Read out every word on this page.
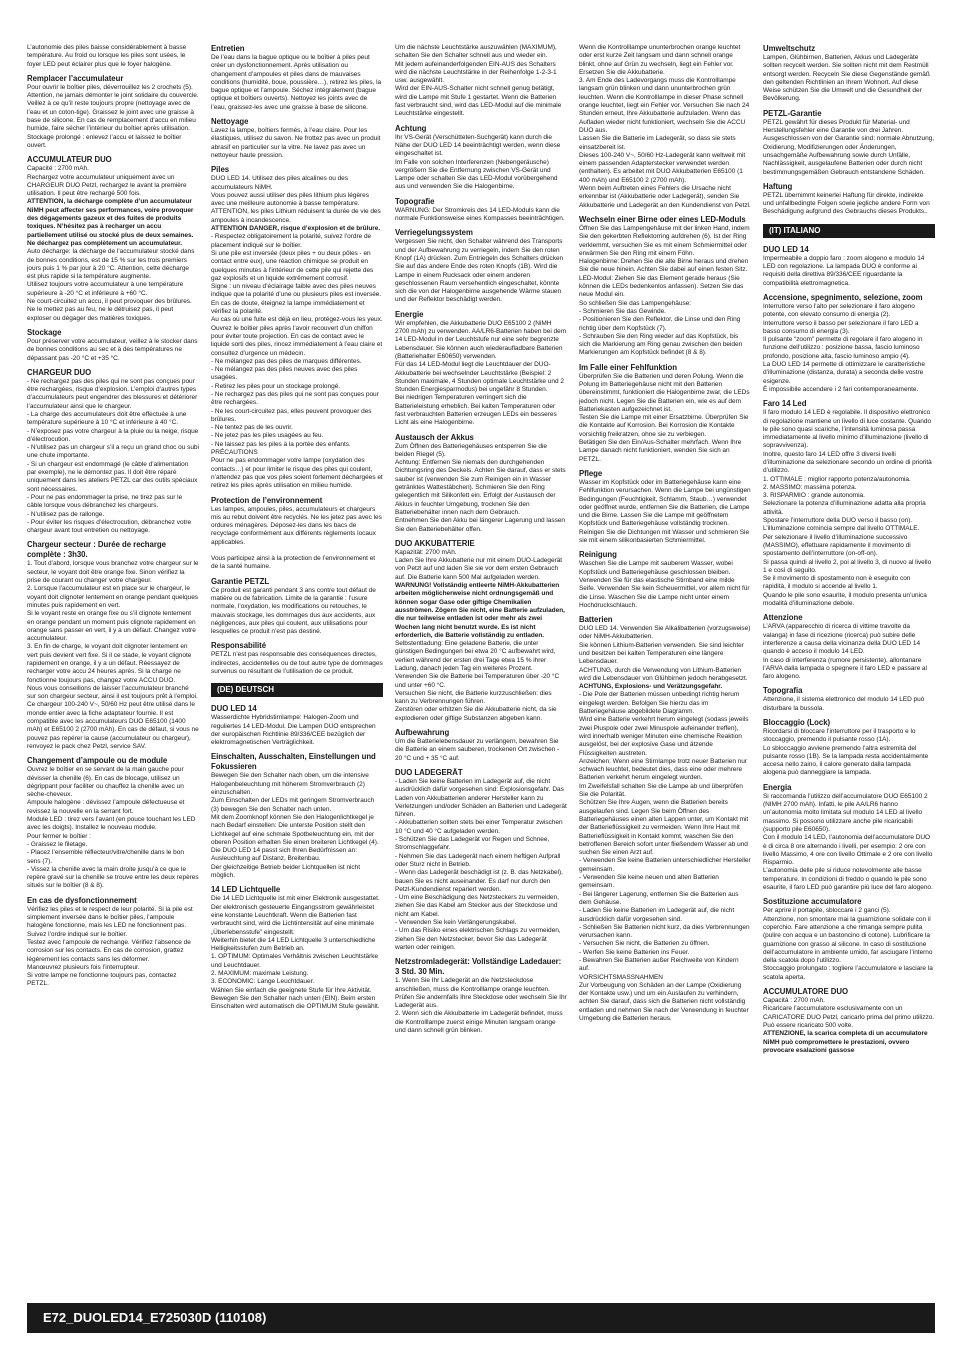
L’autonomie des piles baisse considérablement à basse température. Au froid ou lorsque les piles sont usées, le foyer LED peut éclairer plus que le foyer halogène.
Remplacer l’accumulateur
Pour ouvrir le boîtier piles, déverrouillez les 2 crochets (5).
Attention, ne jamais démonter le joint solidaire du couvercle. Veillez à ce qu’il reste toujours propre (nettoyage avec de l’eau et un coton-tige). Graissez le joint avec une graisse à base de silicone. En cas de remplacement d’accu en milieu humide, faire sécher l’intérieur du boîtier après utilisation. Stockage prolongé : enlevez l’accu et laissez le boîtier ouvert.
ACCUMULATEUR DUO
Capacité : 2700 mAh.
Rechargez votre accumulateur uniquement avec un CHARGEUR DUO Petzl, rechargez le avant la première utilisation. Il peut être rechargé 500 fois.
ATTENTION, la décharge complète d’un accumulateur NiMH peut affecter ses performances, voire provoquer des dégagements gazeux et des fuites de produits toxiques. N’hésitez pas à recharger un accu partiellement utilisé ou stocké plus de deux semaines. Ne déchargez pas complètement un accumulateur.
Auto décharge: la décharge de l’accumulateur stocké dans de bonnes conditions, est de 15 % sur les trois premiers jours puis 1 % par jour à 20 °C. Attention, cette décharge est plus rapide si la température augmente.
Utilisez toujours votre accumulateur à une température supérieure à -20 °C et inférieure à +60 °C.
Ne court-circuitez un accu, il peut provoquer des brûlures.
Ne le mettez pas au feu, ne le détruisez pas, il peut exploser ou dégager des matières toxiques.
Stockage
Pour préserver votre accumulateur, veillez à le stocker dans de bonnes conditions au sec et à des températures ne dépassant pas -20 °C et +35 °C.
CHARGEUR DUO
- Ne rechargez pas des piles qui ne sont pas conçues pour être rechargées, risque d’explosion. L’emploi d’autres types d’accumulateurs peut engendrer des blessures et détériorer l’accumulateur ainsi que le chargeur.
- La charge des accumulateurs doit être effectuée à une température supérieure à 10 °C et inférieure à 40 °C.
- N’exposez pas votre chargeur à la pluie ou la neige, risque d’électrocution.
- N’utilisez pas un chargeur s’il a reçu un grand choc ou subi une chute importante.
- Si un chargeur est endommagé (le câble d’alimentation par exemple), ne le démontez pas. Il doit être réparé uniquement dans les ateliers PETZL car des outils spéciaux sont nécessaires.
- Pour ne pas endommager la prise, ne tirez pas sur le câble lorsque vous débranchez les chargeurs.
- N’utilisez pas de rallonge.
- Pour éviter les risques d’électrocution, débranchez votre chargeur avant tout entretien ou nettoyage.
Chargeur secteur : Durée de recharge complète : 3h30.
1. Tout d’abord, lorsque vous branchez votre chargeur sur le secteur, le voyant doit être orange fixe. Sinon vérifiez la prise de courant ou changer votre chargeur.
2. Lorsque l’accumulateur est en place sur le chargeur, le voyant doit clignoter lentement en orange pendant quelques minutes puis rapidement en vert.
Si le voyant reste en orange fixe ou s’il clignote lentement en orange pendant un moment puis clignote rapidement en orange sans passer en vert, il y a un défaut. Changez votre accumulateur.
3. En fin de charge, le voyant doit clignoter lentement en vert puis devient vert fixe. Si il ce stade, le voyant clignote rapidement en orange, il y a un défaut. Réessayez de recharger votre accu 24 heures après. Si la charge ne fonctionne toujours pas, changez votre ACCU DUO.
Nous vous conseillons de laisser l’accumulateur branché sur son chargeur secteur, ainsi il est toujours prêt à l’emploi.
Ce chargeur 100-240 V~, 50/60 Hz peut être utilisé dans le monde entier avec la fiche adaptateur fournie. Il est compatible avec les accumulateurs DUO E65100 (1400 mAh) et E65100 2 (2700 mAh). En cas de défaut, si vous ne pouvez pas repérer la cause (accumulateur ou chargeur), renvoyez le pack chez Petzl, service SAV.
Changement d’ampoule ou de module
Ouvrez le boîtier en se servant de la main gauche pour dévisser la chenille (6). En cas de blocage, utilisez un dégrippant pour faciliter ou chauffez la chenille avec un sèche-cheveux.
Ampoule halogène : dévissez l’ampoule défectueuse et revissez la nouvelle en la serrant fort.
Module LED : tirez vers l’avant (en pouce touchant les LED avec les doigts). Installez le nouveau module.
Pour fermer le boîtier :
- Graissez le filetage.
- Placez l’ensemble réflecteur/vitre/chenille dans le bon sens (7).
- Vissez la chenille avec la main droite jusqu’à ce que le repère gravé sur la chenille se trouve entre les deux repères situés sur le boîtier (8 & 8).
En cas de dysfonctionnement
Vérifiez les piles et le respect de leur polarité. Si la pile est simplement inversée dans le boîtier piles, l’ampoule halogène fonctionne, mais les LED ne fonctionnent pas. Suivez l’ordre indiqué sur le boîtier.
Testez avec l’ampoule de rechange. Vérifiez l’absence de corrosion sur les contacts. En cas de corrosion, grattez légèrement les contacts sans les déformer.
Manœuvrez plusieurs fois l’interrupteur.
Si votre lampe ne fonctionne toujours pas, contactez PETZL.
Entretien
De l’eau dans la bague optique ou le boîtier à piles peut créer un dysfonctionnement. Après utilisation ou changement d’ampoules et piles dans de mauvaises conditions (humidité, boue, poussière…), retirez les piles, la bague optique et l’ampoule. Séchez intégralement (bague optique et boîtiers ouverts). Nettoyez les joints avec de l’eau, graissez-les avec une graisse à base de silicone.
Nettoyage
Lavez la lampe, boîtiers fermés, à l’eau claire. Pour les élastiques, utilisez du savon. Ne frottez pas avec un produit abrasif en particulier sur la vitre. Ne lavez pas avec un nettoyeur haute pression.
Piles
DUO LED 14. Utilisez des piles alcalines ou des accumulateurs NiMH.
Vous pouvez aussi utiliser des piles lithium plus légères avec une meilleure autonomie à basse température.
ATTENTION, les piles Lithium réduisent la durée de vie des ampoules à incandescence.
ATTENTION DANGER, risque d’explosion et de brûlure.
- Respectez obligatoirement la polarité, suivez l’ordre de placement indiqué sur le boîtier.
Si une pile est inversée (deux piles + ou deux pôles - en contact entre eux), une réaction chimique se produit en quelques minutes à l’intérieur de cette pile qui rejette des gaz explosifs et un liquide extrêmement corrosif.
Signe : un niveau d’éclairage faible avec des piles neuves indique que la polarité d’une ou plusieurs piles est inversée.
En cas de doute, éteignez la lampe immédiatement et vérifiez la polarité.
Au cas où une fuite est déjà en lieu, protégez-vous les yeux. Ouvrez le boîtier piles après l’avoir recouvert d’un chiffon pour éviter toute projection. En cas de contact avec le liquide sorti des piles, rincez immédiatement à l’eau claire et consultez d’urgence un médecin.
- Ne mélangez pas des piles de marques différentes.
- Ne mélangez pas des piles neuves avec des piles usagées.
- Retirez les piles pour un stockage prolongé.
- Ne rechargez pas des piles qui ne sont pas conçues pour être rechargées.
- Ne les court-circuitez pas, elles peuvent provoquer des brûlures.
- Ne tentez pas de les ouvrir.
- Ne jetez pas les piles usagées au feu.
- Ne laissez pas les piles à la portée des enfants.
PRÉCAUTIONS
Pour ne pas endommager votre lampe (oxydation des contacts…) et pour limiter le risque des piles qui coulent, n’attendez pas que vos piles soient fortement déchargées et retirez les piles après utilisation en milieu humide.
Protection de l’environnement
Les lampes, ampoules, piles, accumulateurs et chargeurs mis au rebut doivent être recyclés. Ne les jetez pas avec les ordures ménagères. Déposez-les dans les bacs de recyclage conformément aux différents règlements locaux applicables.
Vous participez ainsi à la protection de l’environnement et de la santé humaine.
Garantie PETZL
Ce produit est garanti pendant 3 ans contre tout défaut de matière ou de fabrication. Limite de la garantie : l’usure normale, l’oxydation, les modifications ou retouches, le mauvais stockage, les dommages dus aux accidents, aux négligences, aux piles qui coulent, aux utilisations pour lesquelles ce produit n’est pas destiné.
Responsabilité
PETZL n’est pas responsable des conséquences directes, indirectes, accidentelles ou de tout autre type de dommages survenus ou résultant de l’utilisation de ce produit.
(DE) DEUTSCH
DUO LED 14
Wasserdichte Hybridstirnlampe: Halogen-Zoom und reguliertes 14 LED-Modul. Die Lampen DUO entsprechen der europäischen Richtlinie 89/336/CEE bezüglich der elektromagnetischen Verträglichkeit.
Einschalten, Ausschalten, Einstellungen und Fokussieren
Bewegen Sie den Schalter nach oben, um die intensive Halogenbeleuchtung mit höherem Stromverbrauch (2) einzuschalten.
Zum Einschalten der LEDs mit geringem Stromverbrauch (3) bewegen Sie den Schalter nach unten.
Mit dem Zoomknopf können Sie den Halogenlichtkegel je nach Bedarf einstellen: Die unterste Position stellt den Lichtkegel auf eine schmale Spotbeleuchtung ein, mit der oberen Position erhalten Sie einen breiteren Lichtkegel (4). Die DUO LED 14 passt sich Ihren Bedürfnissen an: Ausleuchtung auf Distanz, Breitenbau.
Der gleichzeitige Betrieb beider Lichtquellen ist nicht möglich.
14 LED Lichtquelle
Die 14 LED Lichtquelle ist mit einer Elektronik ausgestattet. Der elektronisch gesteuerte Eingangsstrom gewährleistet eine konstante Leuchtkraft. Wenn die Batterien fast verbraucht sind, wird die Lichtintensität auf eine minimale „Überlebensstufe” eingestellt.
Weiterhin bietet die 14 LED Lichtquelle 3 unterschiedliche Helligkeitsstufen zum Betrieb an.
1. OPTIMUM: Optimales Verhältnis zwischen Leuchtstärke und Leuchtdauer.
2. MAXIMUM: maximale Leistung.
3. ECONOMIC: Lange Leuchtdauer.
Wählen Sie einfach die geeignete Stufe für Ihre Aktivität.
Bewegen Sie den Schalter nach unten (EIN). Beim ersten Einschalten wird automatisch die OPTIMUM Stufe gewählt.
Um die nächste Leuchtstärke auszuwählen (MAXIMUM), schalten Sie den Schalter schnell aus und wieder ein.
Mit jedem aufeinanderfolgenden EIN-AUS des Schalters wird die nächste Leuchtstärke in der Reihenfolge 1-2-3-1 usw. ausgewählt.
Wird der EIN-AUS-Schalter nicht schnell genug betätigt, wird die Lampe mit Stufe 1 gestartet. Wenn die Batterien fast verbraucht sind, wird das LED-Modul auf die minimale Leuchtstärke eingestellt.
Achtung
Ihr VS-Gerät (Verschütteten-Suchgerät) kann durch die Nähe der DUO LED 14 beeinträchtigt werden, wenn diese eingeschaltet ist.
Im Falle von solchen Interferenzen (Nebengeräusche) vergrößern Sie die Entfernung zwischen VS-Gerät und Lampe oder schalten Sie das LED-Modul vorübergehend aus und verwenden Sie die Halogenbirne.
Topografie
WARNUNG: Der Stromkreis des 14 LED-Moduls kann die normale Funktionsweise eines Kompasses beeinträchtigen.
Verriegelungssystem
Vergessen Sie nicht, den Schalter während des Transports und der Aufbewahrung zu verriegeln, indem Sie den roten Knopf (1A) drücken. Zum Entriegeln des Schalters drücken Sie auf das andere Ende des roten Knopfs (1B). Wird die Lampe in einem Rucksack oder einem anderen geschlossenen Raum versehentlich eingeschaltet, könnte sich die von der Halogenbirne ausgehende Wärme stauen und der Reflektor beschädigt werden.
Energie
Wir empfehlen, die Akkubatterie DUO E65100 2 (NiMH 2700 mAh) zu verwenden. AA/LR6-Batterien haben bei dem 14 LED-Modul in der Leuchtstufe nur eine sehr begrenzte Lebensdauer. Sie können auch wiederaufladbare Batterien (Batteriehalter E60650) verwenden.
Für das 14 LED-Modul liegt die Leuchtdauer der DUO-Akkubatterie bei wechselnder Leuchtstärke (Beispiel: 2 Stunden maximale, 4 Stunden optimale Leuchtstärke und 2 Stunden Energiesparmodus) bei ungefähr 8 Stunden.
Bei niedrigen Temperaturen verringert sich die Batterieleistung erheblich. Bei kalten Temperaturen oder fast verbrauchten Batterien erzeugen LEDs ein besseres Licht als eine Halogenbirne.
Austausch der Akkus
Zum Öffnen des Batteriegehäuses entsperren Sie die beiden Riegel (5).
Achtung: Entfernen Sie niemals den durchgehenden Dichtungsring des Deckels. Achten Sie darauf, dass er stets sauber ist (verwenden Sie zum Reinigen ein in Wasser getränktes Wattestäbchen). Schmieren Sie den Ring gelegentlich mit Silikonfett ein. Erfolgt der Austausch der Akkus in feuchter Umgebung, trocknen Sie den Batteriebehälter innen nach dem Gebrauch.
Entnehmen Sie den Akku bei längerer Lagerung und lassen Sie den Batteriebehälter offen.
DUO AKKUBATTERIE
Kapazität: 2700 mAh.
Laden Sie Ihre Akkubatterie nur mit einem DUO-Ladegerät von Petzl auf und laden Sie sie vor dem ersten Gebrauch auf. Die Batterie kann 500 Mal aufgeladen werden.
WARNUNG! Vollständig entleerte NiMH-Akkubatterien arbeiten möglicherweise nicht ordnungsgemäß und können sogar Gase oder giftige Chemikalien ausströmen. Zögern Sie nicht, eine Batterie aufzuladen, die nur teilweise entladen ist oder mehr als zwei Wochen lang nicht benutzt wurde. Es ist nicht erforderlich, die Batterie vollständig zu entladen.
Selbstentladung: Eine geladene Batterie, die unter günstigen Bedingungen bei etwa 20 °C aufbewahrt wird, verliert während der ersten drei Tage etwa 15 % ihrer Ladung, danach jeden Tag ein weiteres Prozent.
Verwenden Sie die Batterie bei Temperaturen über -20 °C und unter +60 °C.
Versuchen Sie nicht, die Batterie kurzzuschließen: dies kann zu Verbrennungen führen.
Zerstören oder erhitzen Sie die Akkubatterie nicht, da sie explodieren oder giftige Substanzen abgeben kann.
Aufbewahrung
Um die Batterielebensdauer zu verlängern, bewahren Sie die Batterie an einem sauberen, trockenen Ort zwischen - 20 °C und + 35 °C auf.
DUO LADEGERÄT
- Laden Sie keine Batterien im Ladegerät auf, die nicht ausdrücklich dafür vorgesehen sind: Explosionsgefahr. Das Laden von Akkubatterien anderer Hersteller kann zu Verletzungen und/oder Schäden an Batterien und Ladegerät führen.
- Akkubatterien sollten stets bei einer Temperatur zwischen 10 °C und 40 °C aufgeladen werden.
- Schützen Sie das Ladegerät vor Regen und Schnee, Stromschlaggefahr.
- Nehmen Sie das Ladegerät nach einem heftigen Aufprall oder Sturz nicht in Betrieb.
- Wenn das Ladegerät beschädigt ist (z. B. das Netzkabel), bauen Sie es nicht auseinander. Es darf nur durch den Petzl-Kundendienst repariert werden.
- Um eine Beschädigung des Netzsteckers zu vermeiden, ziehen Sie das Kabel am Stecker aus der Steckdose und nicht am Kabel.
- Verwenden Sie kein Verlängerungskabel.
- Um das Risiko eines elektrischen Schlags zu vermeiden, ziehen Sie den Netzstecker, bevor Sie das Ladegerät warten oder reinigen.
Netzstromladegerät: Vollständige Ladedauer: 3 Std. 30 Min.
1. Wenn Sie Ihr Ladegerät an die Netzsteckdose anschließen, muss die Kontrolllampe orange leuchten. Prüfen Sie andernfalls Ihre Steckdose oder wechseln Sie Ihr Ladegerät aus.
2. Wenn sich die Akkubatterie im Ladegerät befindet, muss die Kontrolllampe zuerst einige Minuten langsam orange und dann schnell grün blinken.
Wenn die Kontrolllampe ununterbrochen orange leuchtet oder erst kurze Zeit langsam und dann schnell orange blinkt, ohne auf Grün zu wechseln, liegt ein Fehler vor. Ersetzen Sie die Akkubatterie.
3. Am Ende des Ladevorgangs muss die Kontrolllampe langsam grün blinken und dann ununterbrochen grün leuchten. Wenn die Kontrolllampe in dieser Phase schnell orange leuchtet, liegt ein Fehler vor. Versuchen Sie nach 24 Stunden erneut, Ihre Akkubatterie aufzuladen. Wenn das Aufladen wieder nicht funktioniert, wechseln Sie die ACCU DUO aus.
Lassen Sie die Batterie im Ladegerät, so dass sie stets einsatzbereit ist.
Dieses 100-240 V~, 50/60 Hz-Ladegerät kann weltweit mit einem passenden Adapterstecker verwendet werden (enthalten). Es arbeitet mit DUO Akkubatterien E65100 (1 400 mAh) und E65100 2 (2700 mAh).
Wenn beim Auftreten eines Fehlers die Ursache nicht erkennbar ist (Akkubatterie oder Ladegerät), senden Sie Akkubatterie und Ladegerät an den Kundendienst von Petzl.
Wechseln einer Birne oder eines LED-Moduls
Öffnen Sie das Lampengehäuse mit der linken Hand, indem Sie den gekerbten Reflektorring aufdrehen (6). Ist der Ring verklemmt, versuchen Sie es mit einem Schmiermittel oder erwärmen Sie den Ring mit einem Föhn.
Halogenbirne: Drehen Sie die alte Birne heraus und drehen Sie die neue hinein. Achten Sie dabei auf einen festen Sitz.
LED-Modul: Ziehen Sie das Element gerade heraus (Sie können die LEDs bedenkenlos anfassen). Setzen Sie das neue Modul ein.
So schließen Sie das Lampengehäuse:
- Schmieren Sie das Gewinde.
- Positionieren Sie den Reflektor, die Linse und den Ring richtig über dem Kopfstück (7).
- Schrauben Sie den Ring wieder auf das Kopfstück, bis sich die Markierung am Ring genau zwischen den beiden Markierungen am Kopfstück befindet (8 & 8).
Im Falle einer Fehlfunktion
Überprüfen Sie die Batterien und deren Polung. Wenn die Polung im Batteriegehäuse nicht mit den Batterien übereinstimmt, funktioniert die Halogenbirne zwar, die LEDs jedoch nicht. Legen Sie die Batterien ein, wie es auf dem Batteriekasten aufgezeichnet ist.
Testen Sie die Lampe mit einer Ersatzbirne. Überprüfen Sie die Kontakte auf Korrosion. Bei Korrosion die Kontakte vorsichtig freikratzen, ohne sie zu verbiegen.
Betätigen Sie den Ein/Aus-Schalter mehrfach. Wenn Ihre Lampe danach nicht funktioniert, wenden Sie sich an PETZL.
Pflege
Wasser im Kopfstück oder im Batteriegehäuse kann eine Fehlfunktion verursachen. Wenn die Lampe bei ungünstigen Bedingungen (Feuchtigkeit, Schlamm, Staub…) verwendet oder geöffnet wurde, entfernen Sie die Batterien, die Lampe und die Birne. Lassen Sie die Lampe mit geöffnetem Kopfstück und Batteriegehäuse vollständig trocknen. Reinigen Sie die Dichtungen mit Wasser und schmieren Sie sie mit einem silikonbasierten Schmiermittel.
Reinigung
Waschen Sie die Lampe mit sauberem Wasser, wobei Kopfstück und Batteriegehäuse geschlossen bleiben. Verwenden Sie für das elastische Stirnband eine milde Seife. Verwenden Sie kein Scheuermittel, vor allem nicht für die Linse. Waschen Sie die Lampe nicht unter einem Hochdruckschlauch.
Batterien
DUO LED 14. Verwenden Sie Alkalibatterien (vorzugsweise) oder NiMH-Akkubatterien.
Sie können Lithium-Batterien verwenden. Sie sind leichter und besitzen bei kalten Temperaturen eine längere Lebensdauer.
ACHTUNG, durch die Verwendung von Lithium-Batterien wird die Lebensdauer von Glühbirnen jedoch herabgesetzt.
ACHTUNG, Explosions- und Verätzungsgefahr.
- Die Pole der Batterien müssen unbedingt richtig herum eingelegt werden. Befolgen Sie hierzu das im Batteriegehäuse abgebildete Diagramm.
Wird eine Batterie verkehrt herum eingelegt (sodass jeweils zwei Pluspole oder zwei Minuspole aufeinander treffen), wird innerhalb weniger Minuten eine chemische Reaktion ausgelöst, bei der explosive Gase und ätzende Flüssigkeiten austreten.
Anzeichen: Wenn eine Stirnlampe trotz neuer Batterien nur schwach leuchtet, bedeutet dies, dass eine oder mehrere Batterien verkehrt herum eingelegt wurden.
Im Zweifelsfall schalten Sie die Lampe ab und überprüfen Sie die Polarität.
Schützen Sie Ihre Augen, wenn die Batterien bereits ausgelaufen sind. Legen Sie beim Öffnen des Batteriegehäuses einen alten Lappen unter, um Kontakt mit der Batterieflüssigkeit zu vermeiden. Wenn Ihre Haut mit Batterieflüssigkeit in Kontakt kommt, waschen Sie den betroffenen Bereich sofort unter fließendem Wasser ab und suchen Sie einen Arzt auf.
- Verwenden Sie keine Batterien unterschiedlicher Hersteller gemeinsam.
- Verwenden Sie keine neuen und alten Batterien gemeinsam.
- Bei längerer Lagerung, entfernen Sie die Batterien aus dem Gehäuse.
- Laden Sie keine Batterien im Ladegerät auf, die nicht ausdrücklich dafür vorgesehen sind.
- Schließen Sie Batterien nicht kurz, da dies Verbrennungen verursachen kann.
- Versuchen Sie nicht, die Batterien zu öffnen.
- Werfen Sie keine Batterien ins Feuer.
- Bewahren Sie Batterien außer Reichweite von Kindern auf.
VORSICHTSMASSNAHMEN
Zur Vorbeugung von Schäden an der Lampe (Oxidierung der Kontakte usw.) und um ein Auslaufen zu verhindern, achten Sie darauf, dass sich die Batterien nicht vollständig entladen und nehmen Sie nach der Verwendung in feuchter Umgebung die Batterien heraus.
Umweltschutz
Lampen, Glühbirnen, Batterien, Akkus und Ladegeräte sollten recycelt werden. Sie sollten nicht mit dem Restmüll entsorgt werden. Recyceln Sie diese Gegenstände gemäß den geltenden Richtlinien an Ihrem Wohnort. Auf diese Weise schützen Sie die Umwelt und die Gesundheit der Bevölkerung.
PETZL-Garantie
PETZL gewährt für dieses Produkt für Material- und Herstellungsfehler eine Garantie von drei Jahren. Ausgeschlossen von der Garantie sind: normale Abnutzung, Oxidierung, Modifizierungen oder Änderungen, unsachgemäße Aufbewahrung sowie durch Unfälle, Nachlässigkeit, ausgelaufene Batterien oder durch nicht bestimmungsgemäßen Gebrauch entstandene Schäden.
Haftung
PETZL übernimmt keinerlei Haftung für direkte, indirekte und unfallbedingte Folgen sowie jegliche andere Form von Beschädigung aufgrund des Gebrauchs dieses Produkts..
(IT) ITALIANO
DUO LED 14
Impermeabile a doppio faro : zoom alogeno e modulo 14 LED con regolazione. La lampada DUO è conforme ai requisiti della direttiva 89/336/CEE riguardante la compatibilità elettromagnetica.
Accensione, spegnimento, selezione, zoom
Interruttore verso l’alto per selezionare il faro alogeno potente, con elevato consumo di energia (2).
Interruttore verso il basso per selezionare il faro LED a basso consumo di energia (3).
Il pulsante “zoom” permette di regolare il faro alogeno in funzione dell’utilizzo : posizione bassa, fascio luminoso profondo, posizione alta, fascio luminoso ampio (4).
La DUO LED 14 permette di ottimizzare le caratteristiche d’illuminazione (distanza, durata) a seconda delle vostre esigenze.
È impossibile accendere i 2 fari contemporaneamente.
Faro 14 Led
Il faro modulo 14 LED è regolabile. Il dispositivo elettronico di regolazione mantiene un livello di luce costante. Quando le pile sono quasi scariche, l’intensità luminosa passa immediatamente al livello minimo d’illuminazione (livello di sopravvivenza).
Inoltre, questo faro 14 LED offre 3 diversi livelli d’illuminazione da selezionare secondo un ordine di priorità d’utilizzo.
1. OTTIMALE : miglior rapporto potenza/autonomia.
2. MASSIMO: massima potenza.
3. RISPARMIO : grande autonomia.
Selezionare la potenza d’illuminazione adatta alla propria attività.
Spostare l’interruttore della DUO verso il basso (on). L’illuminazione comincia sempre dal livello OTTIMALE.
Per selezionare il livello d’illuminazione successivo (MASSIMO), effettuare rapidamente il movimento di spostamento dell’interruttore (on-off-on).
Si passa quindi al livello 2, poi al livello 3, di nuovo al livello 1 e così di seguito.
Se il movimento di spostamento non è eseguito con rapidità, il modulo si accende al livello 1.
Quando le pile sono esaurite, il modulo presenta un’unica modalità d’illuminazione debole.
Attenzione
L’ARVA (apparecchio di ricerca di vittime travolte da valanga) in fase di ricezione (ricerca) può subire delle interferenze a causa della vicinanza della DUO LED 14 quando è acceso il modulo 14 LED.
In caso di interferenza (rumore persistente), allontanare l’ARVA dalla lampada o spegnere il faro LED e passare al faro alogeno.
Topografia
Attenzione, il sistema elettronico del modulo 14 LED può disturbare la bussola.
Bloccaggio (Lock)
Ricordarsi di bloccare l’interruttore per il trasporto e lo stoccaggio, premendo il pulsante rosso (1A).
Lo sbloccaggio avviene premendo l’altra estremità del pulsante rosso (1B). Se la lampada resta accidentalmente accesa nello zaino, il calore generato dalla lampada alogena può danneggiare la lampada.
Energia
Si raccomanda l’utilizzo dell’accumulatore DUO E65100 2 (NIMH 2700 mAh). Infatti, le pile AA/LR6 hanno un’autonomia molto limitata sul modulo 14 LED al livello massimo. Si possono utilizzare anche pile ricaricabili (supporto pile E60650).
Con il modulo 14 LED, l’autonomia dell’accumulatore DUO è di circa 8 ore alternando i livelli, per esempio: 2 ore con livello Massimo, 4 ore con livello Ottimale e 2 ore con livello Risparmio.
L’autonomia delle pile si riduce notevolmente alle basse temperature. In condizioni di freddo o quando le pile sono esaurite, il faro LED può garantire più luce del faro alogeno.
Sostituzione accumulatore
Per aprire il portapile, sbloccare i 2 ganci (5).
Attenzione, non smontare mai la guarnizione solidale con il coperchio. Fare attenzione a che rimanga sempre pulita (pulire con acqua e un bastoncino di cotone). Lubrificare la guarnizione con grasso al silicone. In caso di sostituzione dell’accumulatore in ambiente umido, far asciugare l’interno della scatola dopo l’utilizzo.
Stoccaggio prolungato : togliere l’accumulatore e lasciare la scatola aperta.
ACCUMULATORE DUO
Capacità : 2700 mAh.
Ricaricare l’accumulatore esclusivamente con un CARICATORE DUO Petzl, caricarlo prima del primo utilizzo. Può essere ricaricato 500 volte.
ATTENZIONE, la scarica completa di un accumulatore NiMH può compromettere le prestazioni, ovvero provocare esalazioni gassose
E72_DUOLED14_E725030D (110108)
